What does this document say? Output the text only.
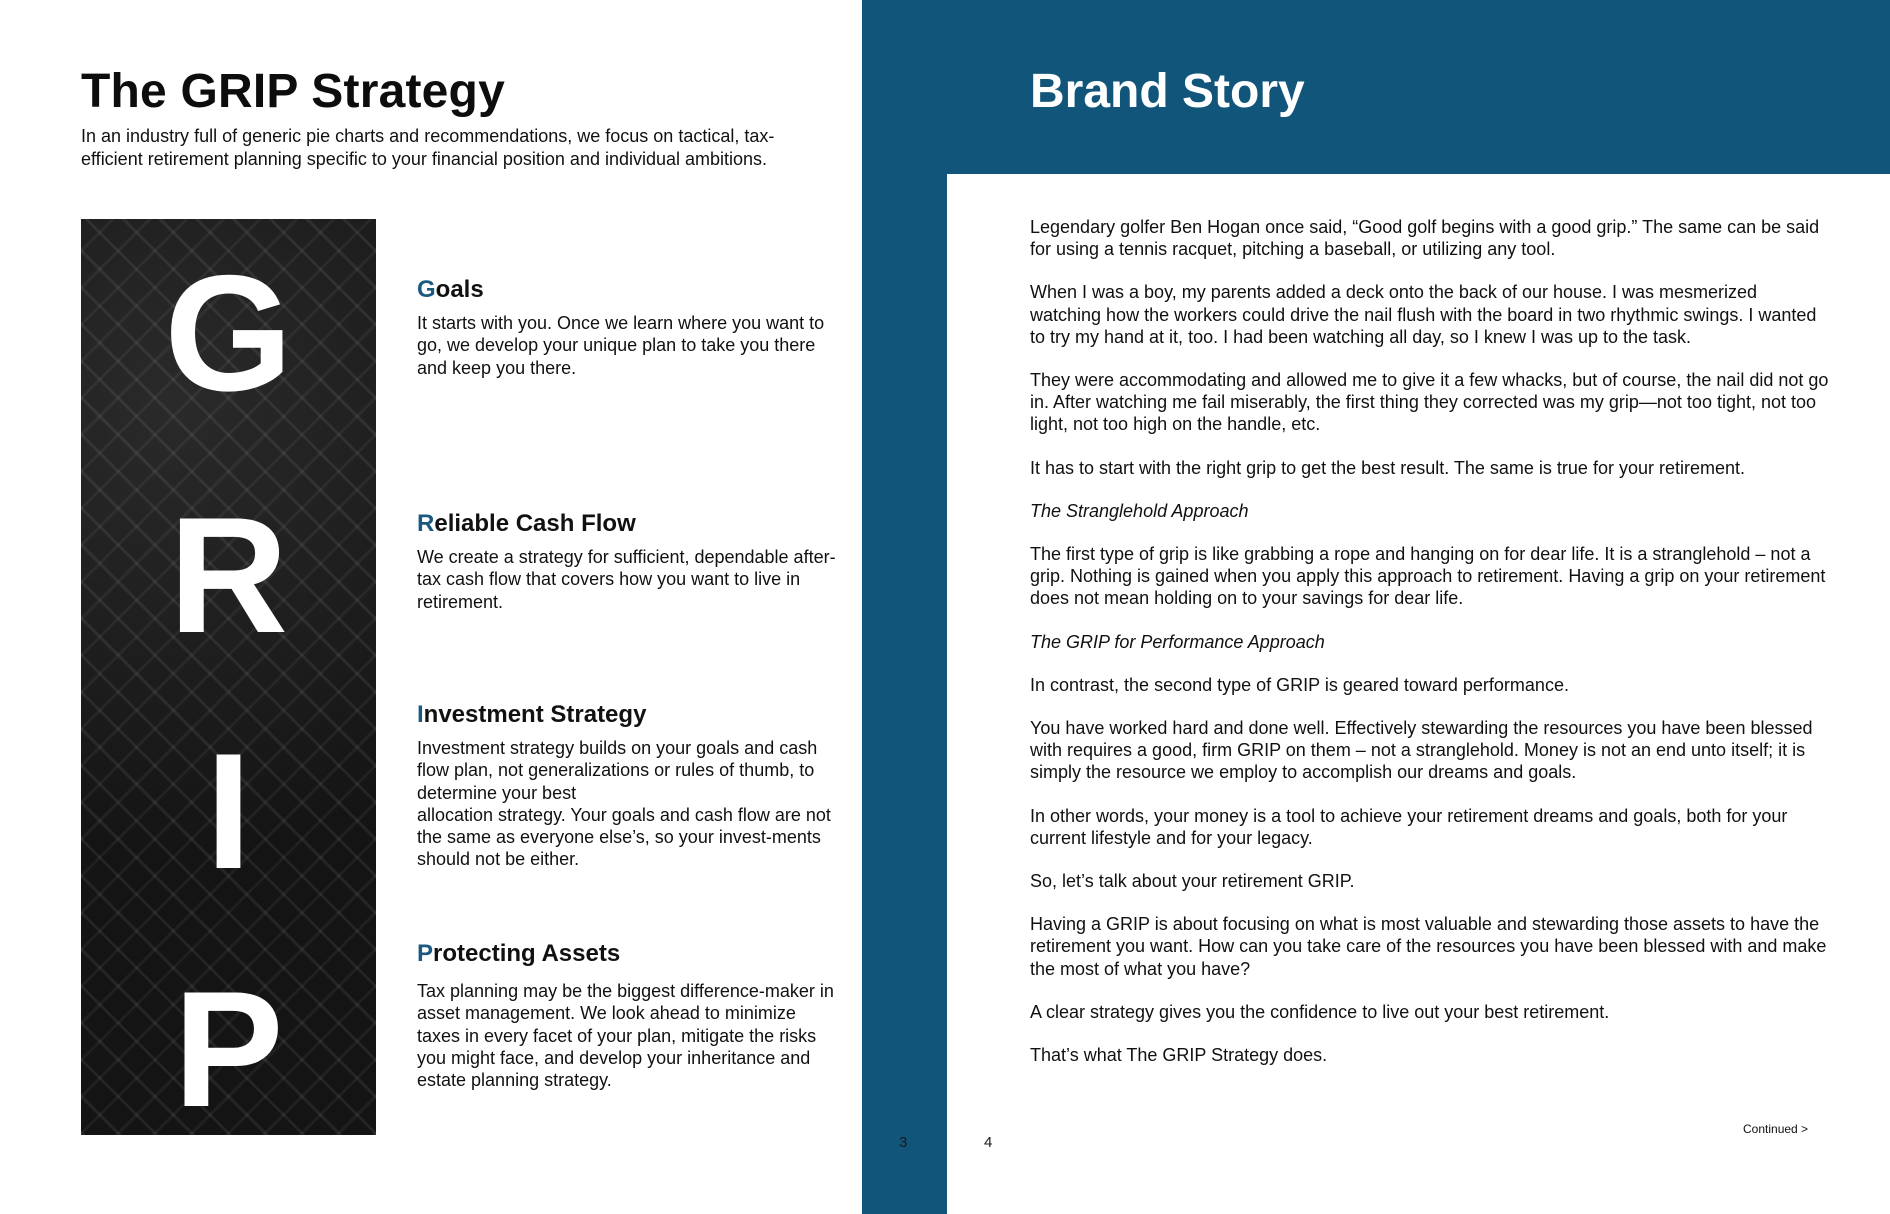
The GRIP Strategy

In an industry full of generic pie charts and recommendations, we focus on tactical, tax-efficient retirement planning specific to your financial position and individual ambitions.

G
R
I
P
Goals

It starts with you. Once we learn where you want to go, we develop your unique plan to take you there and keep you there.

Reliable Cash Flow

We create a strategy for sufficient, dependable after-tax cash flow that covers how you want to live in retirement.

Investment Strategy

Investment strategy builds on your goals and cash flow plan, not generalizations or rules of thumb, to determine your best
allocation strategy. Your goals and cash flow are not the same as everyone else’s, so your invest-ments should not be either.

Protecting Assets

Tax planning may be the biggest difference-maker in asset management. We look ahead to minimize taxes in every facet of your plan, mitigate the risks you might face, and develop your inheritance and estate planning strategy.

3
Brand Story

Legendary golfer Ben Hogan once said, “Good golf begins with a good grip.” The same can be said for using a tennis racquet, pitching a baseball, or utilizing any tool.

When I was a boy, my parents added a deck onto the back of our house. I was mesmerized watching how the workers could drive the nail flush with the board in two rhythmic swings. I wanted to try my hand at it, too. I had been watching all day, so I knew I was up to the task.

They were accommodating and allowed me to give it a few whacks, but of course, the nail did not go in. After watching me fail miserably, the first thing they corrected was my grip—not too tight, not too light, not too high on the handle, etc.

It has to start with the right grip to get the best result. The same is true for your retirement.

The Stranglehold Approach

The first type of grip is like grabbing a rope and hanging on for dear life. It is a stranglehold – not a grip. Nothing is gained when you apply this approach to retirement. Having a grip on your retirement does not mean holding on to your savings for dear life.

The GRIP for Performance Approach

In contrast, the second type of GRIP is geared toward performance.

You have worked hard and done well. Effectively stewarding the resources you have been blessed with requires a good, firm GRIP on them – not a stranglehold. Money is not an end unto itself; it is simply the resource we employ to accomplish our dreams and goals.

In other words, your money is a tool to achieve your retirement dreams and goals, both for your current lifestyle and for your legacy.

So, let’s talk about your retirement GRIP.

Having a GRIP is about focusing on what is most valuable and stewarding those assets to have the retirement you want. How can you take care of the resources you have been blessed with and make the most of what you have?

A clear strategy gives you the confidence to live out your best retirement.

That’s what The GRIP Strategy does.

4
Continued >
